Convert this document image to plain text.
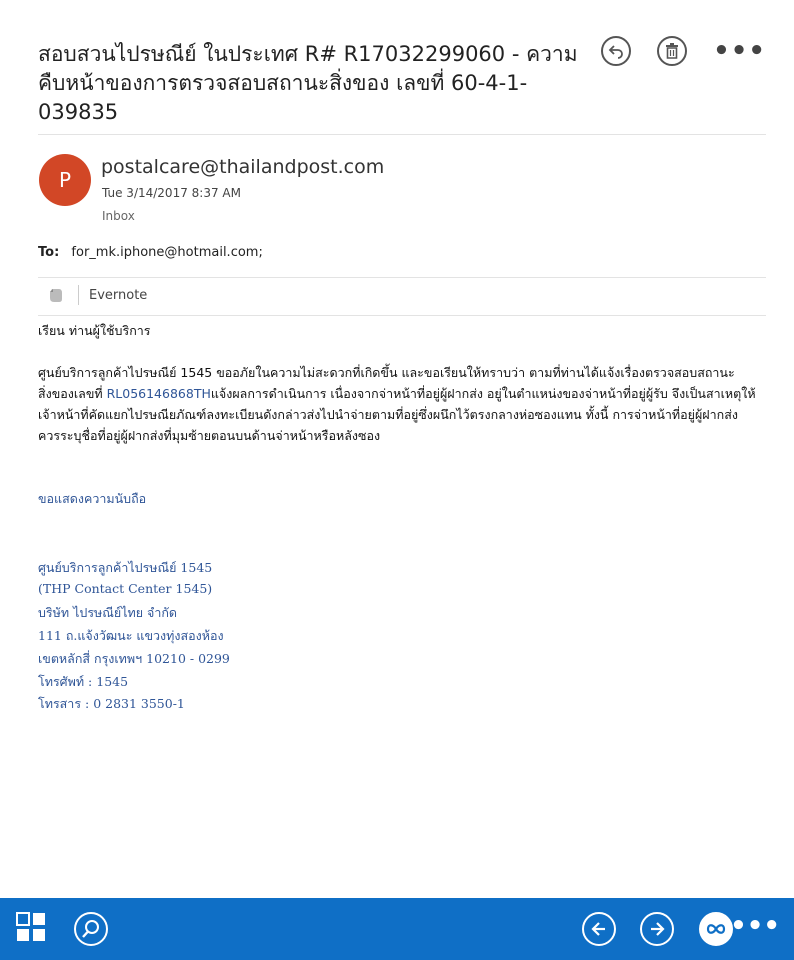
สอบสวนไปรษณีย์ ในประเทศ R# R17032299060 - ความคืบหน้าของการตรวจสอบสถานะสิ่งของ เลขที่ 60-4-1-039835
•••
P
postalcare@thailandpost.com
Tue 3/14/2017 8:37 AM
Inbox
To: for_mk.iphone@hotmail.com;
Evernote
เรียน ท่านผู้ใช้บริการ
ศูนย์บริการลูกค้าไปรษณีย์ 1545 ขออภัยในความไม่สะดวกที่เกิดขึ้น และขอเรียนให้ทราบว่า ตามที่ท่านได้แจ้งเรื่องตรวจสอบสถานะสิ่งของเลขที่ RL056146868THแจ้งผลการดำเนินการ เนื่องจากจ่าหน้าที่อยู่ผู้ฝากส่ง อยู่ในตำแหน่งของจ่าหน้าที่อยู่ผู้รับ จึงเป็นสาเหตุให้เจ้าหน้าที่คัดแยกไปรษณียภัณฑ์ลงทะเบียนดังกล่าวส่งไปนำจ่ายตามที่อยู่ซึ่งผนึกไว้ตรงกลางห่อซองแทน ทั้งนี้ การจ่าหน้าที่อยู่ผู้ฝากส่งควรระบุชื่อที่อยู่ผู้ฝากส่งที่มุมซ้ายตอนบนด้านจ่าหน้าหรือหลังซอง
ขอแสดงความนับถือ
ศูนย์บริการลูกค้าไปรษณีย์ 1545
(THP Contact Center 1545)
บริษัท ไปรษณีย์ไทย จำกัด
111 ถ.แจ้งวัฒนะ แขวงทุ่งสองห้อง
เขตหลักสี่ กรุงเทพฯ 10210 - 0299
โทรศัพท์ : 1545
โทรสาร : 0 2831 3550-1
•••
